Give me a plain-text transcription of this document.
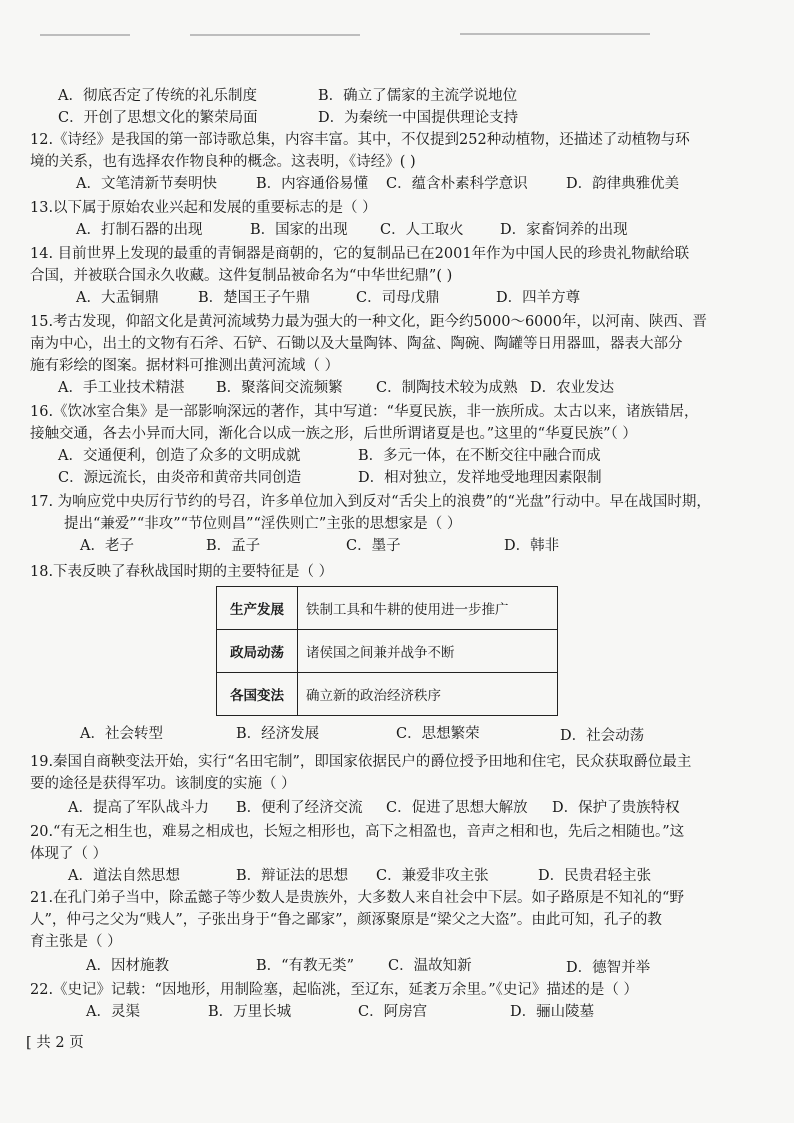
A．彻底否定了传统的礼乐制度	B．确立了儒家的主流学说地位
C．开创了思想文化的繁荣局面	D．为秦统一中国提供理论支持
12.《诗经》是我国的第一部诗歌总集，内容丰富。其中，不仅提到252种动植物，还描述了动植物与环
境的关系，也有选择农作物良种的概念。这表明，《诗经》( )
A．文笔清新节奏明快	B．内容通俗易懂 C．蕴含朴素科学意识	D．韵律典雅优美
13.以下属于原始农业兴起和发展的重要标志的是（ ）
A．打制石器的出现	B．国家的出现 C．人工取火	D．家畜饲养的出现
14. 目前世界上发现的最重的青铜器是商朝的，它的复制品已在2001年作为中国人民的珍贵礼物献给联
合国，并被联合国永久收藏。这件复制品被命名为“中华世纪鼎”( )
A．大盂铜鼎	B．楚国王子午鼎	C．司母戊鼎	D．四羊方尊
15.考古发现，仰韶文化是黄河流域势力最为强大的一种文化，距今约5000～6000年，以河南、陕西、晋
南为中心，出土的文物有石斧、石铲、石锄以及大量陶钵、陶盆、陶碗、陶罐等日用器皿，器表大部分
施有彩绘的图案。据材料可推测出黄河流域（ ）
A．手工业技术精湛 B．聚落间交流频繁 C．制陶技术较为成熟 D．农业发达
16.《饮冰室合集》是一部影响深远的著作，其中写道：“华夏民族，非一族所成。太古以来，诸族错居，
接触交通，各去小异而大同，渐化合以成一族之形，后世所谓诸夏是也。”这里的“华夏民族”（ ）
A．交通便利，创造了众多的文明成就	B．多元一体，在不断交往中融合而成
C．源远流长，由炎帝和黄帝共同创造	D．相对独立，发祥地受地理因素限制
17. 为响应党中央厉行节约的号召，许多单位加入到反对“舌尖上的浪费”的“光盘”行动中。早在战国时期，
提出“兼爱”“非攻”“节位则昌”“淫佚则亡”主张的思想家是（ ）
A．老子	B．孟子	C．墨子	D．韩非
18.下表反映了春秋战国时期的主要特征是（ ）
生产发展	铁制工具和牛耕的使用进一步推广
政局动荡	诸侯国之间兼并战争不断
各国变法	确立新的政治经济秩序
A．社会转型	B．经济发展	C．思想繁荣	D．社会动荡
19.秦国自商鞅变法开始，实行“名田宅制”，即国家依据民户的爵位授予田地和住宅，民众获取爵位最主
要的途径是获得军功。该制度的实施（ ）
A．提高了军队战斗力 B．便利了经济交流 C．促进了思想大解放 D．保护了贵族特权
20.“有无之相生也，难易之相成也，长短之相形也，高下之相盈也，音声之相和也，先后之相随也。”这
体现了（ ）
A．道法自然思想	B．辩证法的思想 C．兼爱非攻主张	D．民贵君轻主张
21.在孔门弟子当中，除孟懿子等少数人是贵族外，大多数人来自社会中下层。如子路原是不知礼的“野
人”，仲弓之父为“贱人”，子张出身于“鲁之鄙家”，颜涿聚原是“梁父之大盗”。由此可知，孔子的教
育主张是（ ）
A．因材施教	B．“有教无类” C．温故知新	D．德智并举
22.《史记》记载：“因地形，用制险塞，起临洮，至辽东，延袤万余里。”《史记》描述的是（ ）
A．灵渠	B．万里长城	C．阿房宫	D．骊山陵墓
[ 共 2 页
